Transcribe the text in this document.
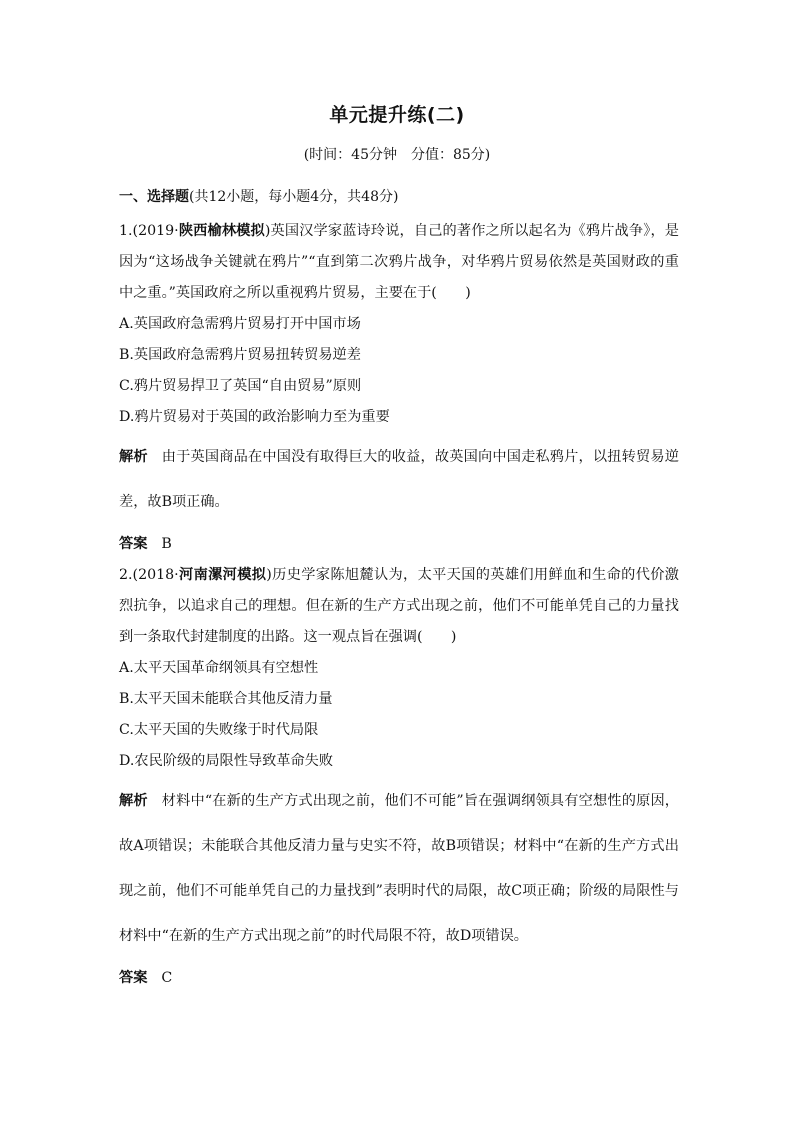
单元提升练(二)
(时间：45分钟　分值：85分)
一、选择题(共12小题，每小题4分，共48分)
1.(2019·陕西榆林模拟)英国汉学家蓝诗玲说，自己的著作之所以起名为《鸦片战争》，是因为“这场战争关键就在鸦片”“直到第二次鸦片战争，对华鸦片贸易依然是英国财政的重中之重。”英国政府之所以重视鸦片贸易，主要在于(　　)
A.英国政府急需鸦片贸易打开中国市场
B.英国政府急需鸦片贸易扭转贸易逆差
C.鸦片贸易捍卫了英国“自由贸易”原则
D.鸦片贸易对于英国的政治影响力至为重要
解析 由于英国商品在中国没有取得巨大的收益，故英国向中国走私鸦片，以扭转贸易逆差，故B项正确。
答案 B
2.(2018·河南漯河模拟)历史学家陈旭麓认为，太平天国的英雄们用鲜血和生命的代价激烈抗争，以追求自己的理想。但在新的生产方式出现之前，他们不可能单凭自己的力量找到一条取代封建制度的出路。这一观点旨在强调(　　)
A.太平天国革命纲领具有空想性
B.太平天国未能联合其他反清力量
C.太平天国的失败缘于时代局限
D.农民阶级的局限性导致革命失败
解析 材料中“在新的生产方式出现之前，他们不可能”旨在强调纲领具有空想性的原因，故A项错误；未能联合其他反清力量与史实不符，故B项错误；材料中“在新的生产方式出现之前，他们不可能单凭自己的力量找到”表明时代的局限，故C项正确；阶级的局限性与材料中“在新的生产方式出现之前”的时代局限不符，故D项错误。
答案 C
